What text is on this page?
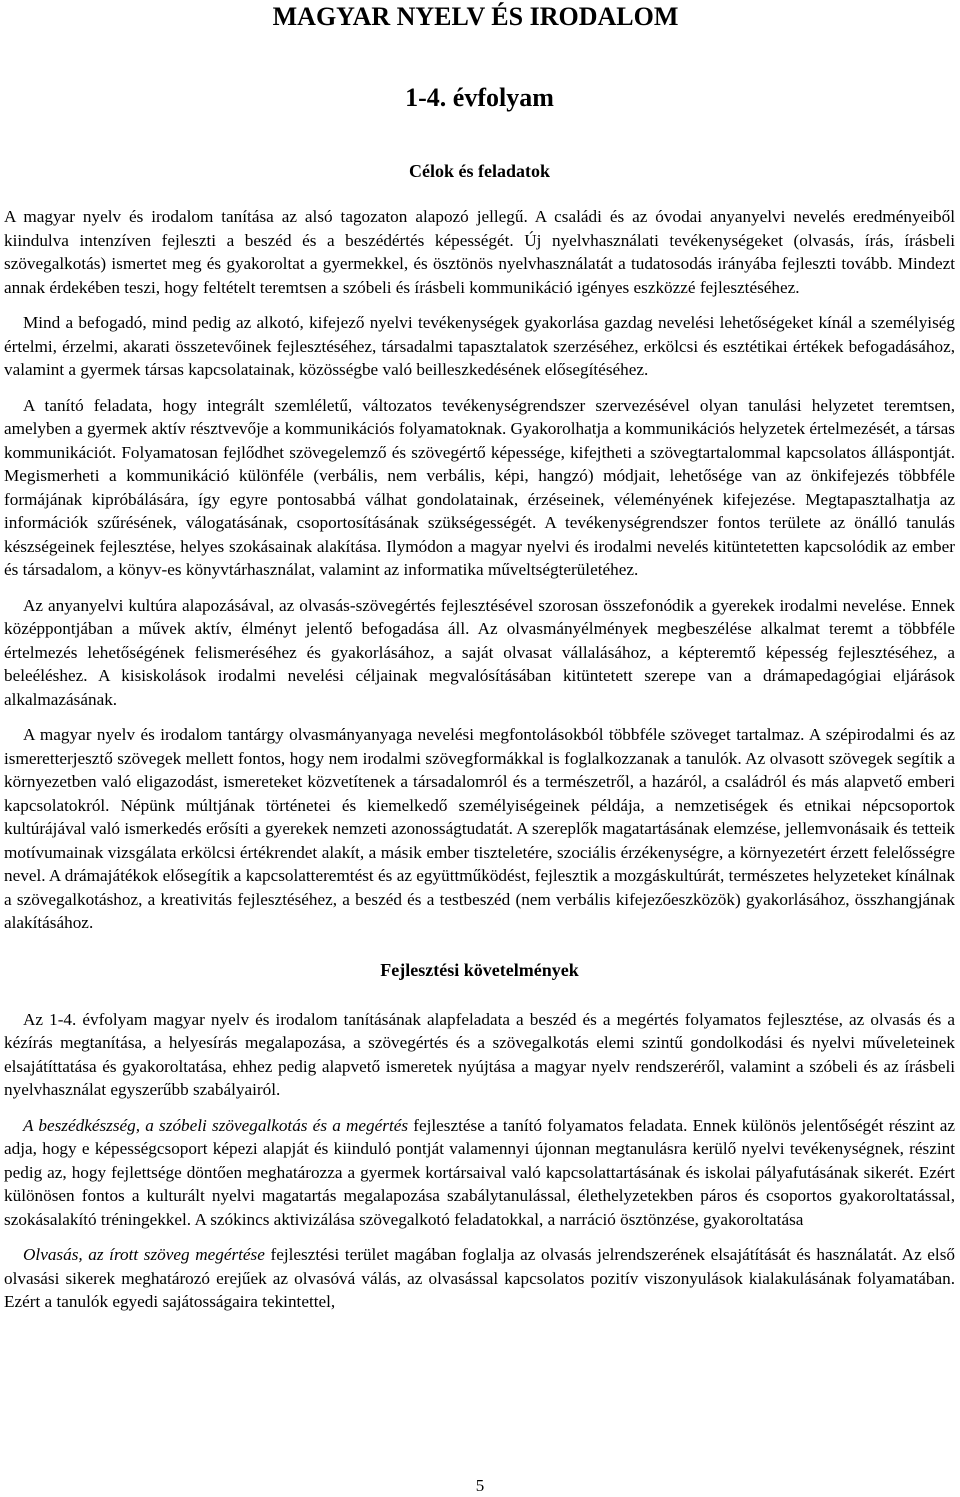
MAGYAR NYELV ÉS IRODALOM
1-4. évfolyam
Célok és feladatok

A magyar nyelv és irodalom tanítása az alsó tagozaton alapozó jellegű. A családi és az óvodai anyanyelvi nevelés eredményeiből kiindulva intenzíven fejleszti a beszéd és a beszédértés képességét. Új nyelvhasználati tevékenységeket (olvasás, írás, írásbeli szövegalkotás) ismertet meg és gyakoroltat a gyermekkel, és ösztönös nyelvhasználatát a tudatosodás irányába fejleszti tovább. Mindezt annak érdekében teszi, hogy feltételt teremtsen a szóbeli és írásbeli kommunikáció igényes eszközzé fejlesztéséhez.

Mind a befogadó, mind pedig az alkotó, kifejező nyelvi tevékenységek gyakorlása gazdag nevelési lehetőségeket kínál a személyiség értelmi, érzelmi, akarati összetevőinek fejlesztéséhez, társadalmi tapasztalatok szerzéséhez, erkölcsi és esztétikai értékek befogadásához, valamint a gyermek társas kapcsolatainak, közösségbe való beilleszkedésének elősegítéséhez.

A tanító feladata, hogy integrált szemléletű, változatos tevékenységrendszer szervezésével olyan tanulási helyzetet teremtsen, amelyben a gyermek aktív résztvevője a kommunikációs folyamatoknak. Gyakorolhatja a kommunikációs helyzetek értelmezését, a társas kommunikációt. Folyamatosan fejlődhet szövegelemző és szövegértő képessége, kifejtheti a szövegtartalommal kapcsolatos álláspontját. Megismerheti a kommunikáció különféle (verbális, nem verbális, képi, hangzó) módjait, lehetősége van az önkifejezés többféle formájának kipróbálására, így egyre pontosabbá válhat gondolatainak, érzéseinek, véleményének kifejezése. Megtapasztalhatja az információk szűrésének, válogatásának, csoportosításának szükségességét. A tevékenységrendszer fontos területe az önálló tanulás készségeinek fejlesztése, helyes szokásainak alakítása. Ilymódon a magyar nyelvi és irodalmi nevelés kitüntetetten kapcsolódik az ember és társadalom, a könyv-es könyvtárhasználat, valamint az informatika műveltségterületéhez.

Az anyanyelvi kultúra alapozásával, az olvasás-szövegértés fejlesztésével szorosan összefonódik a gyerekek irodalmi nevelése. Ennek középpontjában a művek aktív, élményt jelentő befogadása áll. Az olvasmányélmények megbeszélése alkalmat teremt a többféle értelmezés lehetőségének felismeréséhez és gyakorlásához, a saját olvasat vállalásához, a képteremtő képesség fejlesztéséhez, a beleéléshez. A kisiskolások irodalmi nevelési céljainak megvalósításában kitüntetett szerepe van a drámapedagógiai eljárások alkalmazásának.

A magyar nyelv és irodalom tantárgy olvasmányanyaga nevelési megfontolásokból többféle szöveget tartalmaz. A szépirodalmi és az ismeretterjesztő szövegek mellett fontos, hogy nem irodalmi szövegformákkal is foglalkozzanak a tanulók. Az olvasott szövegek segítik a környezetben való eligazodást, ismereteket közvetítenek a társadalomról és a természetről, a hazáról, a családról és más alapvető emberi kapcsolatokról. Népünk múltjának történetei és kiemelkedő személyiségeinek példája, a nemzetiségek és etnikai népcsoportok kultúrájával való ismerkedés erősíti a gyerekek nemzeti azonosságtudatát. A szereplők magatartásának elemzése, jellemvonásaik és tetteik motívumainak vizsgálata erkölcsi értékrendet alakít, a másik ember tiszteletére, szociális érzékenységre, a környezetért érzett felelősségre nevel. A drámajátékok elősegítik a kapcsolatteremtést és az együttműködést, fejlesztik a mozgáskultúrát, természetes helyzeteket kínálnak a szövegalkotáshoz, a kreativitás fejlesztéséhez, a beszéd és a testbeszéd (nem verbális kifejezőeszközök) gyakorlásához, összhangjának alakításához.

Fejlesztési követelmények

Az 1-4. évfolyam magyar nyelv és irodalom tanításának alapfeladata a beszéd és a megértés folyamatos fejlesztése, az olvasás és a kézírás megtanítása, a helyesírás megalapozása, a szövegértés és a szövegalkotás elemi szintű gondolkodási és nyelvi műveleteinek elsajátíttatása és gyakoroltatása, ehhez pedig alapvető ismeretek nyújtása a magyar nyelv rendszeréről, valamint a szóbeli és az írásbeli nyelvhasználat egyszerűbb szabályairól.

A beszédkészség, a szóbeli szövegalkotás és a megértés fejlesztése a tanító folyamatos feladata. Ennek különös jelentőségét részint az adja, hogy e képességcsoport képezi alapját és kiinduló pontját valamennyi újonnan megtanulásra kerülő nyelvi tevékenységnek, részint pedig az, hogy fejlettsége döntően meghatározza a gyermek kortársaival való kapcsolattartásának és iskolai pályafutásának sikerét. Ezért különösen fontos a kulturált nyelvi magatartás megalapozása szabálytanulással, élethelyzetekben páros és csoportos gyakoroltatással, szokásalakító tréningekkel. A szókincs aktivizálása szövegalkotó feladatokkal, a narráció ösztönzése, gyakoroltatása

Olvasás, az írott szöveg megértése fejlesztési terület magában foglalja az olvasás jelrendszerének elsajátítását és használatát. Az első olvasási sikerek meghatározó erejűek az olvasóvá válás, az olvasással kapcsolatos pozitív viszonyulások kialakulásának folyamatában. Ezért a tanulók egyedi sajátosságaira tekintettel,

5
